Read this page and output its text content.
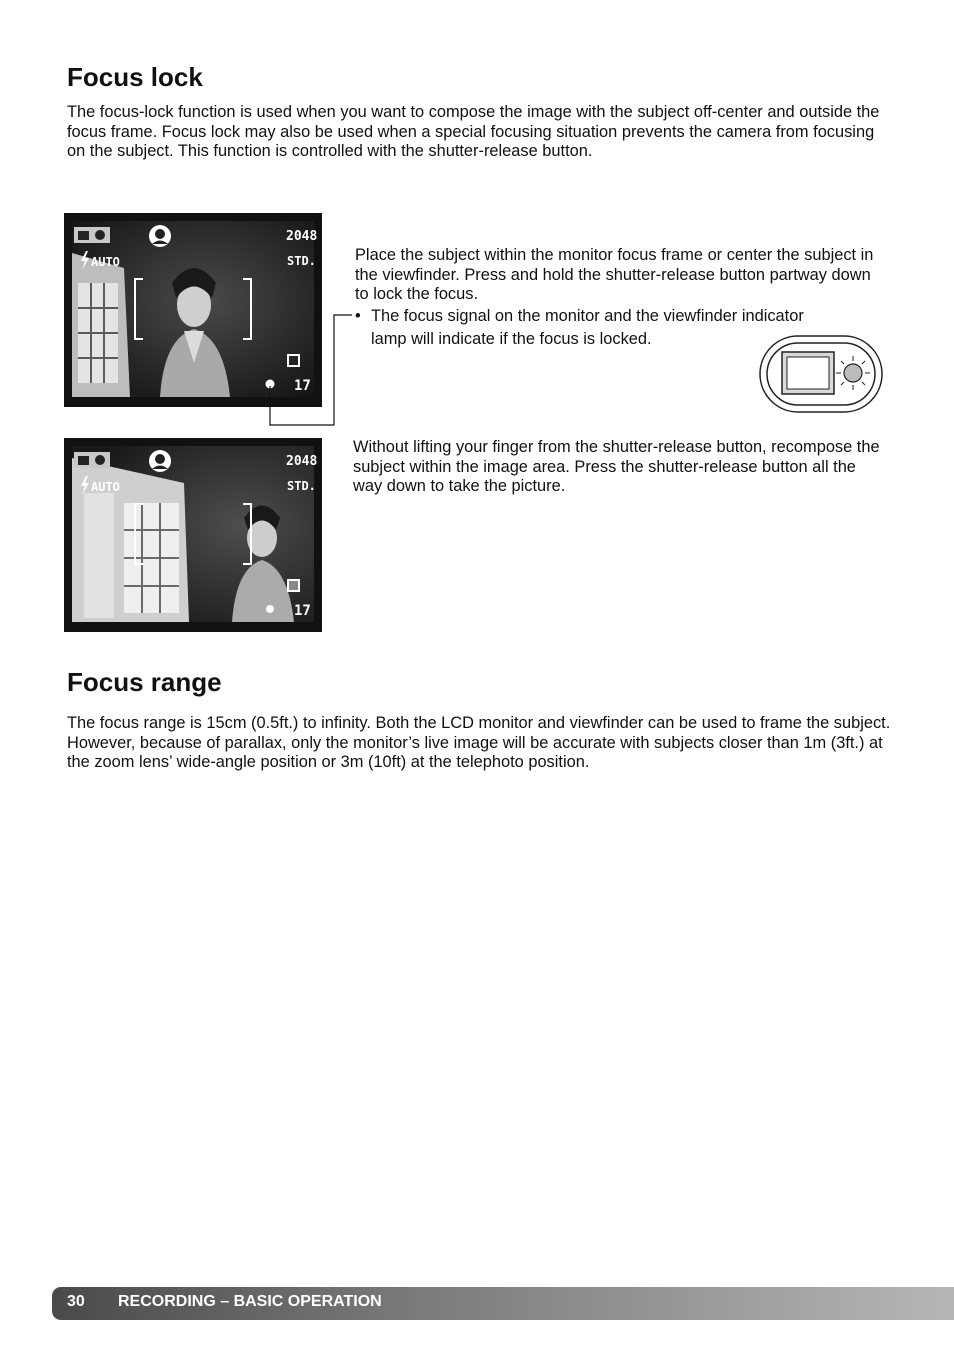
Focus lock

The focus-lock function is used when you want to compose the image with the subject off-center and outside the focus frame. Focus lock may also be used when a special focusing situation prevents the camera from focusing on the subject. This function is controlled with the shutter-release button.

2048
STD.
AUTO
17

Place the subject within the monitor focus frame or center the subject in the viewfinder. Press and hold the shutter-release button partway down to lock the focus.

• The focus signal on the monitor and the viewfinder indicator
lamp will indicate if the focus is locked.

2048
STD.
AUTO
17

Without lifting your finger from the shutter-release button, recompose the subject within the image area. Press the shutter-release button all the way down to take the picture.

Focus range

The focus range is 15cm (0.5ft.) to infinity. Both the LCD monitor and viewfinder can be used to frame the subject. However, because of parallax, only the monitor’s live image will be accurate with subjects closer than 1m (3ft.) at the zoom lens’ wide-angle position or 3m (10ft) at the telephoto position.

30 RECORDING – BASIC OPERATION
